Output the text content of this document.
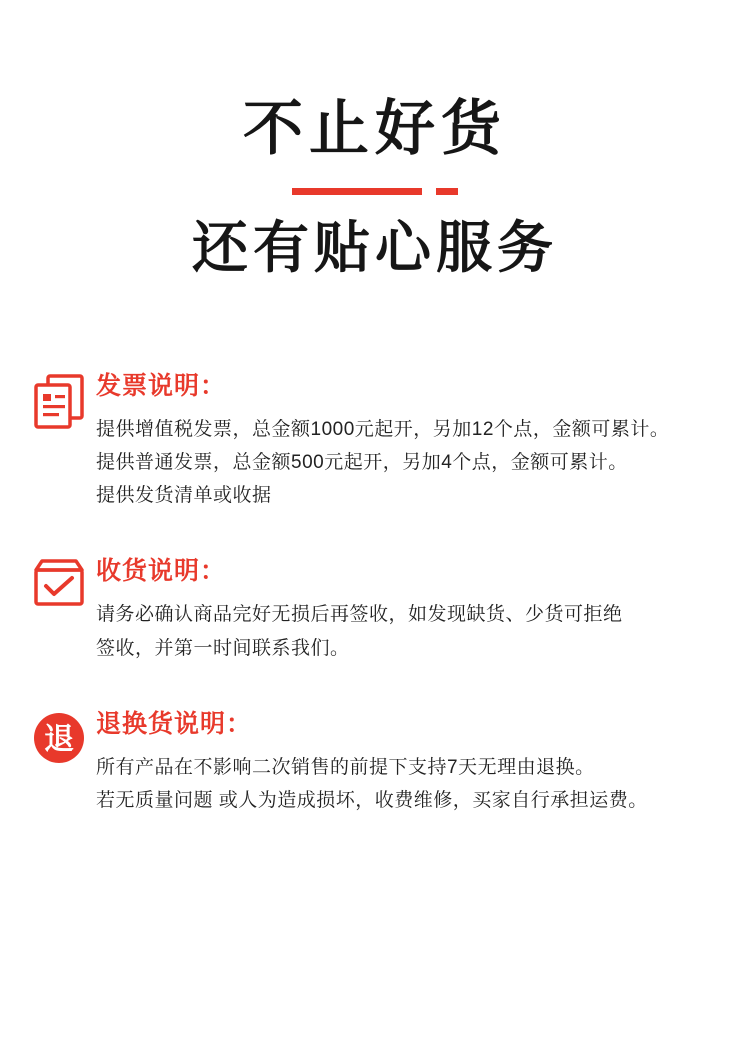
不止好货
还有贴心服务
发票说明：
提供增值税发票，总金额1000元起开，另加12个点，金额可累计。
提供普通发票，总金额500元起开，另加4个点，金额可累计。
提供发货清单或收据
收货说明：
请务必确认商品完好无损后再签收，如发现缺货、少货可拒绝
签收，并第一时间联系我们。
退 退换货说明：
所有产品在不影响二次销售的前提下支持7天无理由退换。
若无质量问题 或人为造成损坏，收费维修，买家自行承担运费。
